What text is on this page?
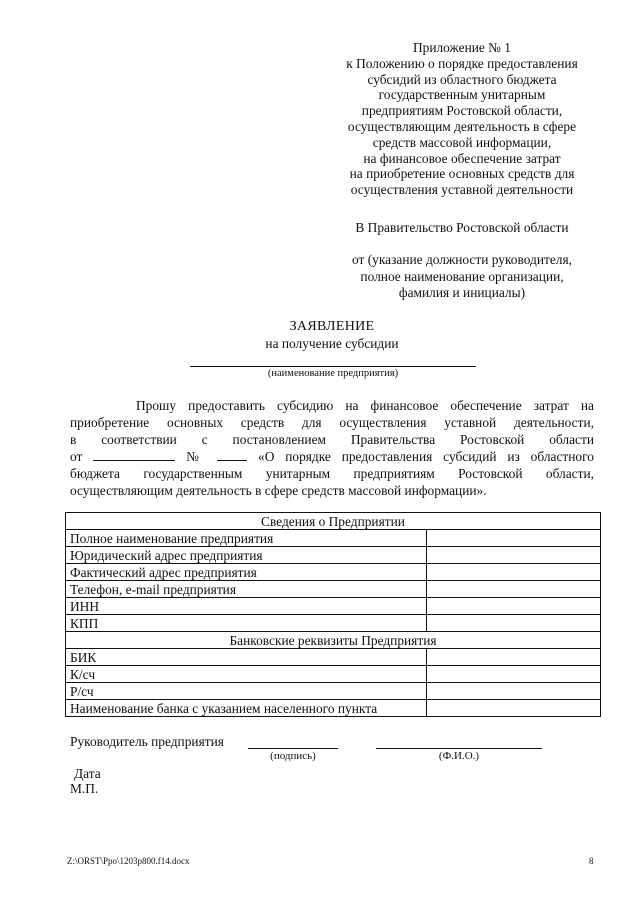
Приложение № 1
к Положению о порядке предоставления
субсидий из областного бюджета
государственным унитарным
предприятиям Ростовской области,
осуществляющим деятельность в сфере
средств массовой информации,
на финансовое обеспечение затрат
на приобретение основных средств для
осуществления уставной деятельности
В Правительство Ростовской области
от (указание должности руководителя,
полное наименование организации,
фамилия и инициалы)
ЗАЯВЛЕНИЕ
на получение субсидии
(наименование предприятия)
Прошу предоставить субсидию на финансовое обеспечение затрат на
приобретение основных средств для осуществления уставной деятельности,
в соответствии с постановлением Правительства Ростовской области
от	№	«О порядке предоставления субсидий из областного
бюджета государственным унитарным предприятиям Ростовской области,
осуществляющим деятельность в сфере средств массовой информации».
Сведения о Предприятии	
Полное наименование предприятия	
Юридический адрес предприятия	
Фактический адрес предприятия	
Телефон, e-mail предприятия	
ИНН	
КПП	
Банковские реквизиты Предприятия	
БИК	
К/сч	
Р/сч	
Наименование банка с указанием населенного пункта	
Руководитель предприятия
(подпись)	(Ф.И.О.)
Дата
М.П.
Z:\ORST\Ppo\1203p800.f14.docx	8
